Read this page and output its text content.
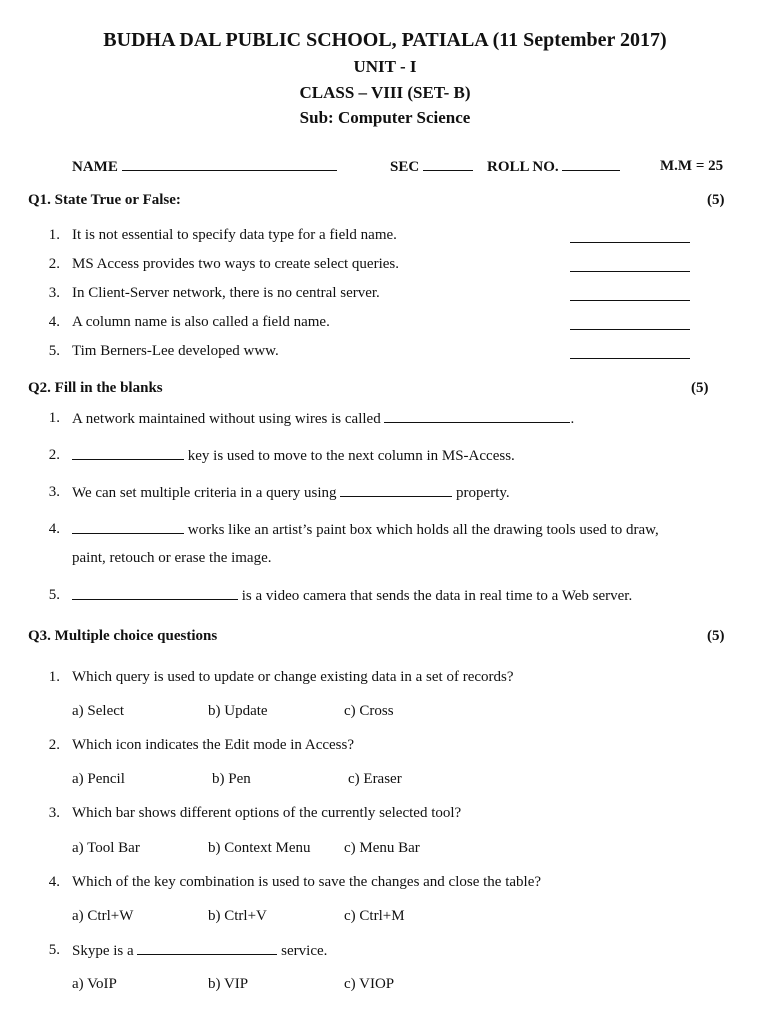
BUDHA DAL PUBLIC SCHOOL, PATIALA (11 September 2017)
UNIT - I
CLASS – VIII (SET- B)
Sub: Computer Science
NAME	SEC	ROLL NO.	M.M = 25
Q1. State True or False:	(5)
1. It is not essential to specify data type for a field name.
2. MS Access provides two ways to create select queries.
3. In Client-Server network, there is no central server.
4. A column name is also called a field name.
5. Tim Berners-Lee developed www.
Q2. Fill in the blanks	(5)
1. A network maintained without using wires is called	.
2.	key is used to move to the next column in MS-Access.
3. We can set multiple criteria in a query using	property.
4.	works like an artist’s paint box which holds all the drawing tools used to draw,
paint, retouch or erase the image.
5.	is a video camera that sends the data in real time to a Web server.
Q3. Multiple choice questions	(5)
1. Which query is used to update or change existing data in a set of records?
a) Select	b) Update	c) Cross
2. Which icon indicates the Edit mode in Access?
a) Pencil	b) Pen	c) Eraser
3. Which bar shows different options of the currently selected tool?
a) Tool Bar	b) Context Menu c) Menu Bar
4. Which of the key combination is used to save the changes and close the table?
a) Ctrl+W	b) Ctrl+V	c) Ctrl+M
5. Skype is a	service.
a) VoIP	b) VIP	c) VIOP
